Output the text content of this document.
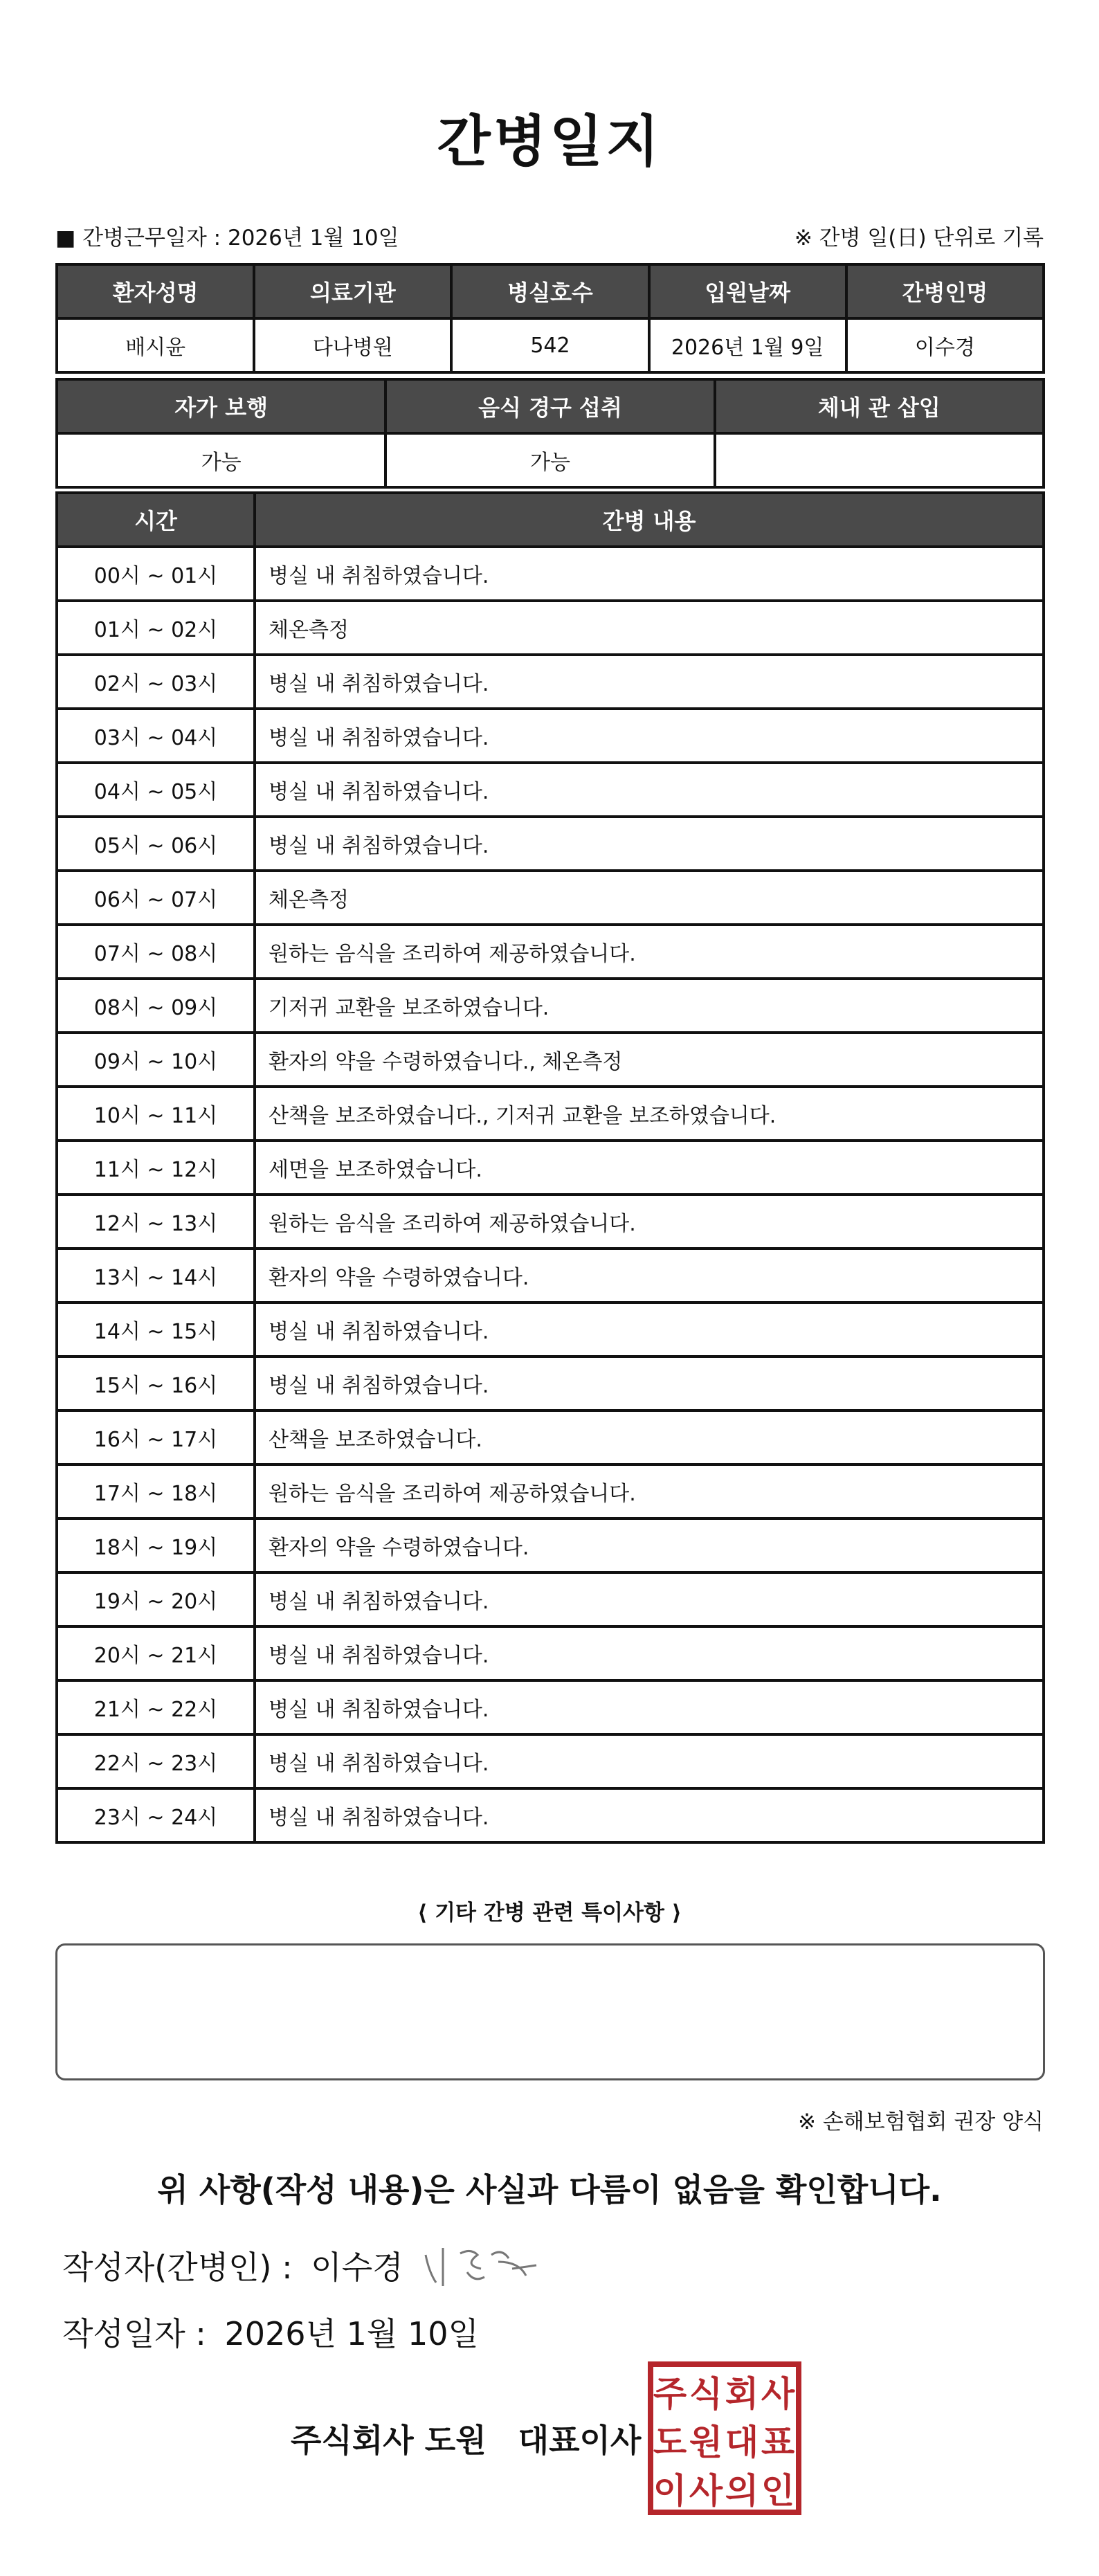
간병일지
■ 간병근무일자 : 2026년 1월 10일	※ 간병 일(日) 단위로 기록
환자성명	의료기관	병실호수	입원날짜	간병인명
배시윤	다나병원	542	2026년 1월 9일	이수경
자가 보행	음식 경구 섭취	체내 관 삽입
가능	가능	
시간	간병 내용
00시 ~ 01시	병실 내 취침하였습니다.
01시 ~ 02시	체온측정
02시 ~ 03시	병실 내 취침하였습니다.
03시 ~ 04시	병실 내 취침하였습니다.
04시 ~ 05시	병실 내 취침하였습니다.
05시 ~ 06시	병실 내 취침하였습니다.
06시 ~ 07시	체온측정
07시 ~ 08시	원하는 음식을 조리하여 제공하였습니다.
08시 ~ 09시	기저귀 교환을 보조하였습니다.
09시 ~ 10시	환자의 약을 수령하였습니다., 체온측정
10시 ~ 11시	산책을 보조하였습니다., 기저귀 교환을 보조하였습니다.
11시 ~ 12시	세면을 보조하였습니다.
12시 ~ 13시	원하는 음식을 조리하여 제공하였습니다.
13시 ~ 14시	환자의 약을 수령하였습니다.
14시 ~ 15시	병실 내 취침하였습니다.
15시 ~ 16시	병실 내 취침하였습니다.
16시 ~ 17시	산책을 보조하였습니다.
17시 ~ 18시	원하는 음식을 조리하여 제공하였습니다.
18시 ~ 19시	환자의 약을 수령하였습니다.
19시 ~ 20시	병실 내 취침하였습니다.
20시 ~ 21시	병실 내 취침하였습니다.
21시 ~ 22시	병실 내 취침하였습니다.
22시 ~ 23시	병실 내 취침하였습니다.
23시 ~ 24시	병실 내 취침하였습니다.
⟨ 기타 간병 관련 특이사항 ⟩
※ 손해보험협회 권장 양식
위 사항(작성 내용)은 사실과 다름이 없음을 확인합니다.
작성자(간병인) : 이수경
작성일자 : 2026년 1월 10일
주식회사 도원 대표이사
주 식 회 사
도 원 대 표
이 사 의 인
